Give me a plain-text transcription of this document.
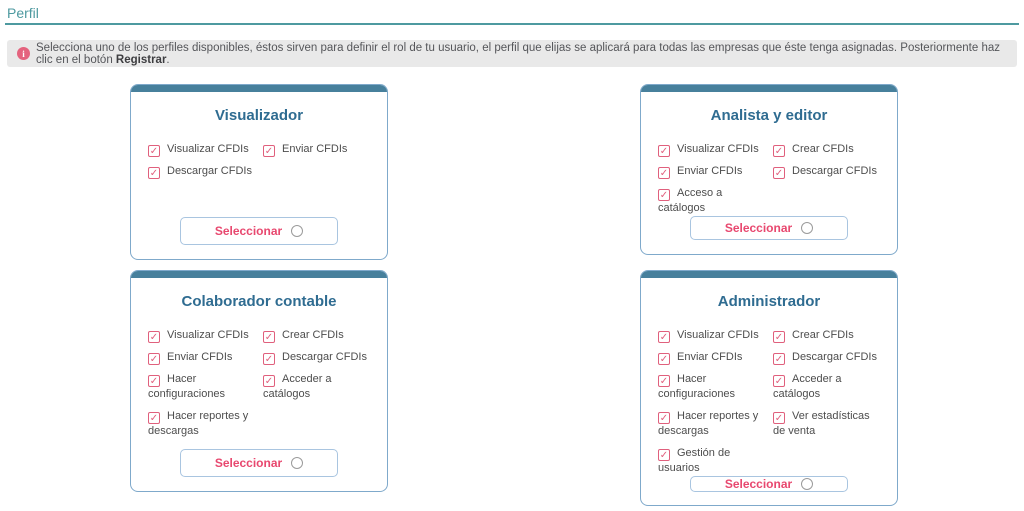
Perfil
i Selecciona uno de los perfiles disponibles, éstos sirven para definir el rol de tu usuario, el perfil que elijas se aplicará para todas las empresas que éste tenga asignadas. Posteriormente haz clic en el botón Registrar.
Visualizador
✓ Visualizar CFDIs	✓ Enviar CFDIs
✓ Descargar CFDIs
Seleccionar
Analista y editor
✓ Visualizar CFDIs	✓ Crear CFDIs
✓ Enviar CFDIs	✓ Descargar CFDIs
✓ Acceso a catálogos
Seleccionar
Colaborador contable
✓ Visualizar CFDIs	✓ Crear CFDIs
✓ Enviar CFDIs	✓ Descargar CFDIs
✓ Hacer configuraciones
✓ Acceder a catálogos
✓ Hacer reportes y descargas
Seleccionar
Administrador
✓ Visualizar CFDIs	✓ Crear CFDIs
✓ Enviar CFDIs	✓ Descargar CFDIs
✓ Hacer configuraciones
✓ Acceder a catálogos
✓ Hacer reportes y descargas
✓ Ver estadísticas de venta
✓ Gestión de usuarios
Seleccionar
